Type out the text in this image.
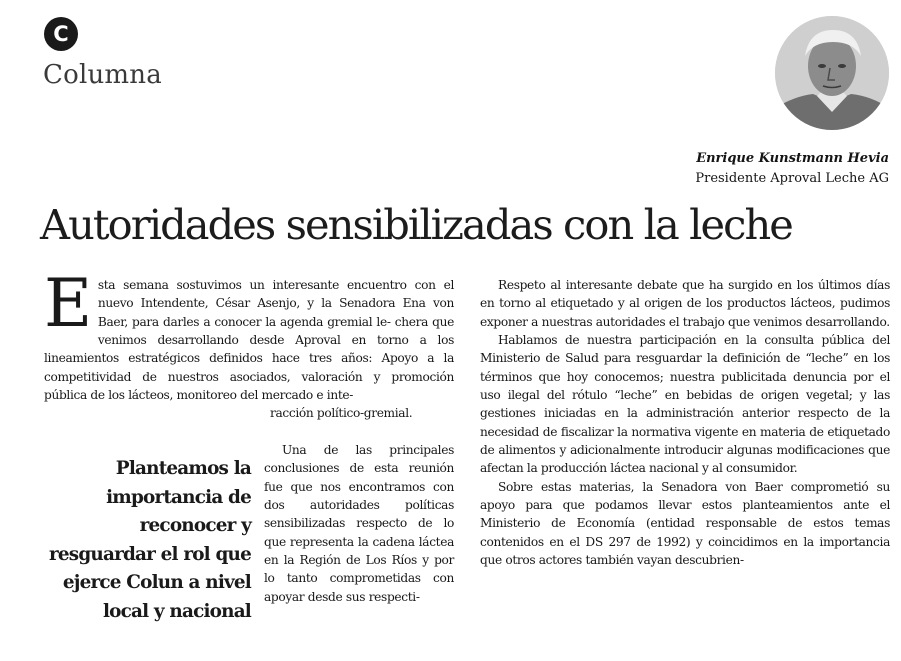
C
Columna
Enrique Kunstmann Hevia
Presidente Aproval Leche AG
Autoridades sensibilizadas con la leche

E sta semana sostuvimos un interesante encuentro con el nuevo Intendente, César Asenjo, y la Senadora Ena von Baer, para darles a conocer la agenda gremial le- chera que venimos desarrollando desde Aproval en torno a los lineamientos estratégicos definidos hace tres años: Apoyo a la competitividad de nuestros asociados, valoración y promoción pública de los lácteos, monitoreo del mercado e inte-

racción político-gremial.

Planteamos la importancia de reconocer y resguardar el rol que ejerce Colun a nivel local y nacional

Una de las principales conclusiones de esta reunión fue que nos encontramos con dos autoridades políticas sensibilizadas respecto de lo que representa la cadena láctea en la Región de Los Ríos y por lo tanto comprometidas con apoyar desde sus respecti-

Respeto al interesante debate que ha surgido en los últimos días en torno al etiquetado y al origen de los productos lácteos, pudimos exponer a nuestras autoridades el trabajo que venimos desarrollando.

Hablamos de nuestra participación en la consulta pública del Ministerio de Salud para resguardar la definición de “leche” en los términos que hoy conocemos; nuestra publicitada denuncia por el uso ilegal del rótulo “leche” en bebidas de origen vegetal; y las gestiones iniciadas en la administración anterior respecto de la necesidad de fiscalizar la normativa vigente en materia de etiquetado de alimentos y adicionalmente introducir algunas modificaciones que afectan la producción láctea nacional y al consumidor.

Sobre estas materias, la Senadora von Baer comprometió su apoyo para que podamos llevar estos planteamientos ante el Ministerio de Economía (entidad responsable de estos temas contenidos en el DS 297 de 1992) y coincidimos en la importancia que otros actores también vayan descubrien-
